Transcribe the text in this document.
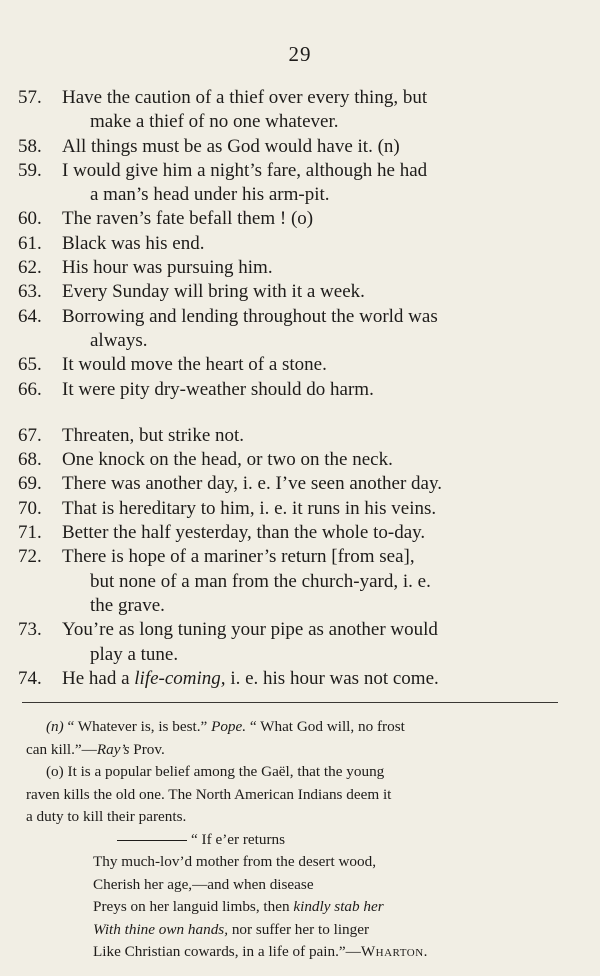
29
57.	Have the caution of a thief over every thing, but
make a thief of no one whatever.
58.	All things must be as God would have it. (n)
59.	I would give him a night’s fare, although he had
a man’s head under his arm-pit.
60.	The raven’s fate befall them ! (o)
61.	Black was his end.
62.	His hour was pursuing him.
63.	Every Sunday will bring with it a week.
64.	Borrowing and lending throughout the world was
always.
65.	It would move the heart of a stone.
66.	It were pity dry-weather should do harm.
67.	Threaten, but strike not.
68.	One knock on the head, or two on the neck.
69.	There was another day, i. e. I’ve seen another day.
70.	That is hereditary to him, i. e. it runs in his veins.
71.	Better the half yesterday, than the whole to-day.
72.	There is hope of a mariner’s return [from sea],
but none of a man from the church-yard, i. e.
the grave.
73.	You’re as long tuning your pipe as another would
play a tune.
74.	He had a life-coming, i. e. his hour was not come.
(n) “ Whatever is, is best.” Pope. “ What God will, no frost
can kill.”—Ray’s Prov.
(o) It is a popular belief among the Gaël, that the young
raven kills the old one. The North American Indians deem it
a duty to kill their parents.
“ If e’er returns
Thy much-lov’d mother from the desert wood,
Cherish her age,—and when disease
Preys on her languid limbs, then kindly stab her
With thine own hands, nor suffer her to linger
Like Christian cowards, in a life of pain.”—Wharton.
